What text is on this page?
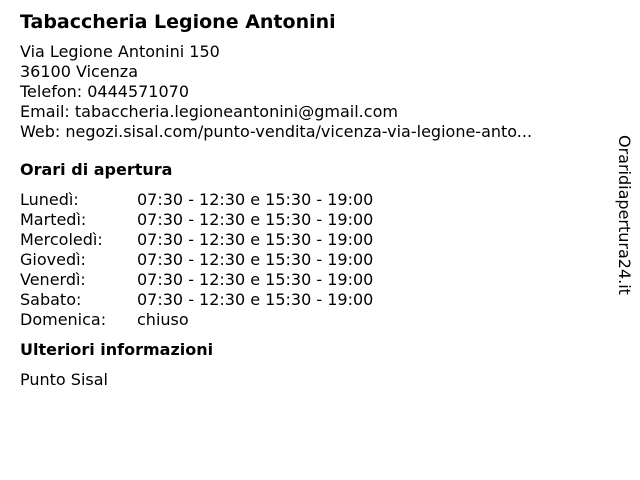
Tabaccheria Legione Antonini
Via Legione Antonini 150
36100 Vicenza
Telefon: 0444571070
Email: tabaccheria.legioneantonini@gmail.com
Web: negozi.sisal.com/punto-vendita/vicenza-via-legione-anto...
Orari di apertura
Lunedì:	07:30 - 12:30 e 15:30 - 19:00
Martedì:	07:30 - 12:30 e 15:30 - 19:00
Mercoledì:	07:30 - 12:30 e 15:30 - 19:00
Giovedì:	07:30 - 12:30 e 15:30 - 19:00
Venerdì:	07:30 - 12:30 e 15:30 - 19:00
Sabato:	07:30 - 12:30 e 15:30 - 19:00
Domenica:	chiuso
Ulteriori informazioni
Punto Sisal
Oraridiapertura24.it
